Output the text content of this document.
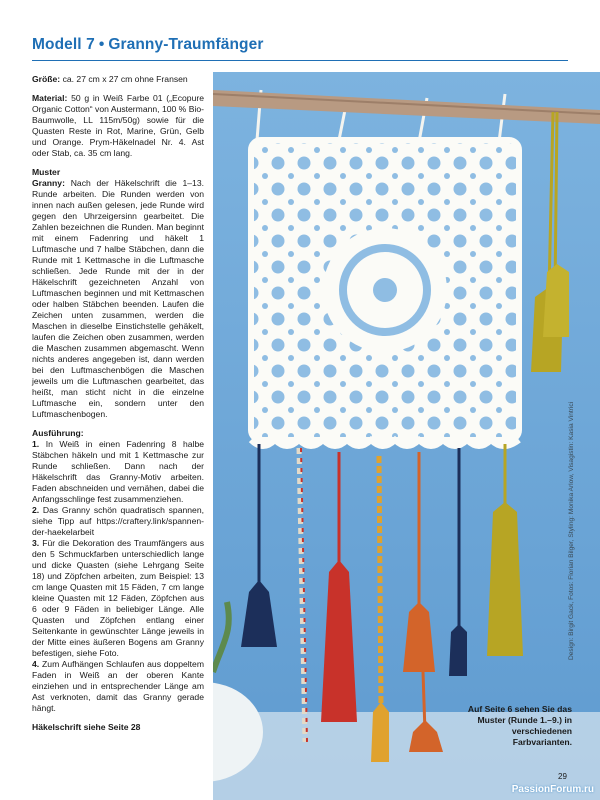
Modell 7 • Granny-Traumfänger

Größe: ca. 27 cm x 27 cm ohne Fransen

Material: 50 g in Weiß Farbe 01 („Ecopure Organic Cotton“ von Austermann, 100 % Bio-Baumwolle, LL 115m/50g) sowie für die Quasten Reste in Rot, Marine, Grün, Gelb und Orange. Prym-Häkelnadel Nr. 4. Ast oder Stab, ca. 35 cm lang.

Muster

Granny: Nach der Häkelschrift die 1–13. Runde arbeiten. Die Runden werden von innen nach außen gelesen, jede Runde wird gegen den Uhrzeigersinn gearbeitet. Die Zahlen bezeichnen die Runden. Man beginnt mit einem Fadenring und häkelt 1 Luftmasche und 7 halbe Stäbchen, dann die Runde mit 1 Kettmasche in die Luftmasche schließen. Jede Runde mit der in der Häkelschrift gezeichneten Anzahl von Luftmaschen beginnen und mit Kettmaschen oder halben Stäbchen beenden. Laufen die Zeichen unten zusammen, werden die Maschen in dieselbe Einstichstelle gehäkelt, laufen die Zeichen oben zusammen, werden die Maschen zusammen abgemascht. Wenn nichts anderes angegeben ist, dann werden bei den Luftmaschenbögen die Maschen jeweils um die Luftmaschen gearbeitet, das heißt, man sticht nicht in die einzelne Luftmasche ein, sondern unter den Luftmaschenbogen.

Ausführung:

1. In Weiß in einen Fadenring 8 halbe Stäbchen häkeln und mit 1 Kettmasche zur Runde schließen. Dann nach der Häkelschrift das Granny-Motiv arbeiten. Faden abschneiden und vernähen, dabei die Anfangsschlinge fest zusammenziehen.

2. Das Granny schön quadratisch spannen, siehe Tipp auf https://craftery.link/spannen-der-haekelarbeit

3. Für die Dekoration des Traumfängers aus den 5 Schmuckfarben unterschiedlich lange und dicke Quasten (siehe Lehrgang Seite 18) und Zöpfchen arbeiten, zum Beispiel: 13 cm lange Quasten mit 15 Fäden, 7 cm lange kleine Quasten mit 12 Fäden, Zöpfchen aus 6 oder 9 Fäden in beliebiger Länge. Alle Quasten und Zöpfchen entlang einer Seitenkante in gewünschter Länge jeweils in der Mitte eines äußeren Bogens am Granny befestigen, siehe Foto.

4. Zum Aufhängen Schlaufen aus doppeltem Faden in Weiß an der oberen Kante einziehen und in entsprechender Länge am Ast verknoten, damit das Granny gerade hängt.

Häkelschrift siehe Seite 28

Design: Birgit Gack, Fotos: Florian Bilger, Styling: Monika Arlow, Visagistin: Kasia Vintrici
Auf Seite 6 sehen Sie das Muster (Runde 1.–9.) in verschiedenen Farbvarianten.
29
PassionForum.ru
